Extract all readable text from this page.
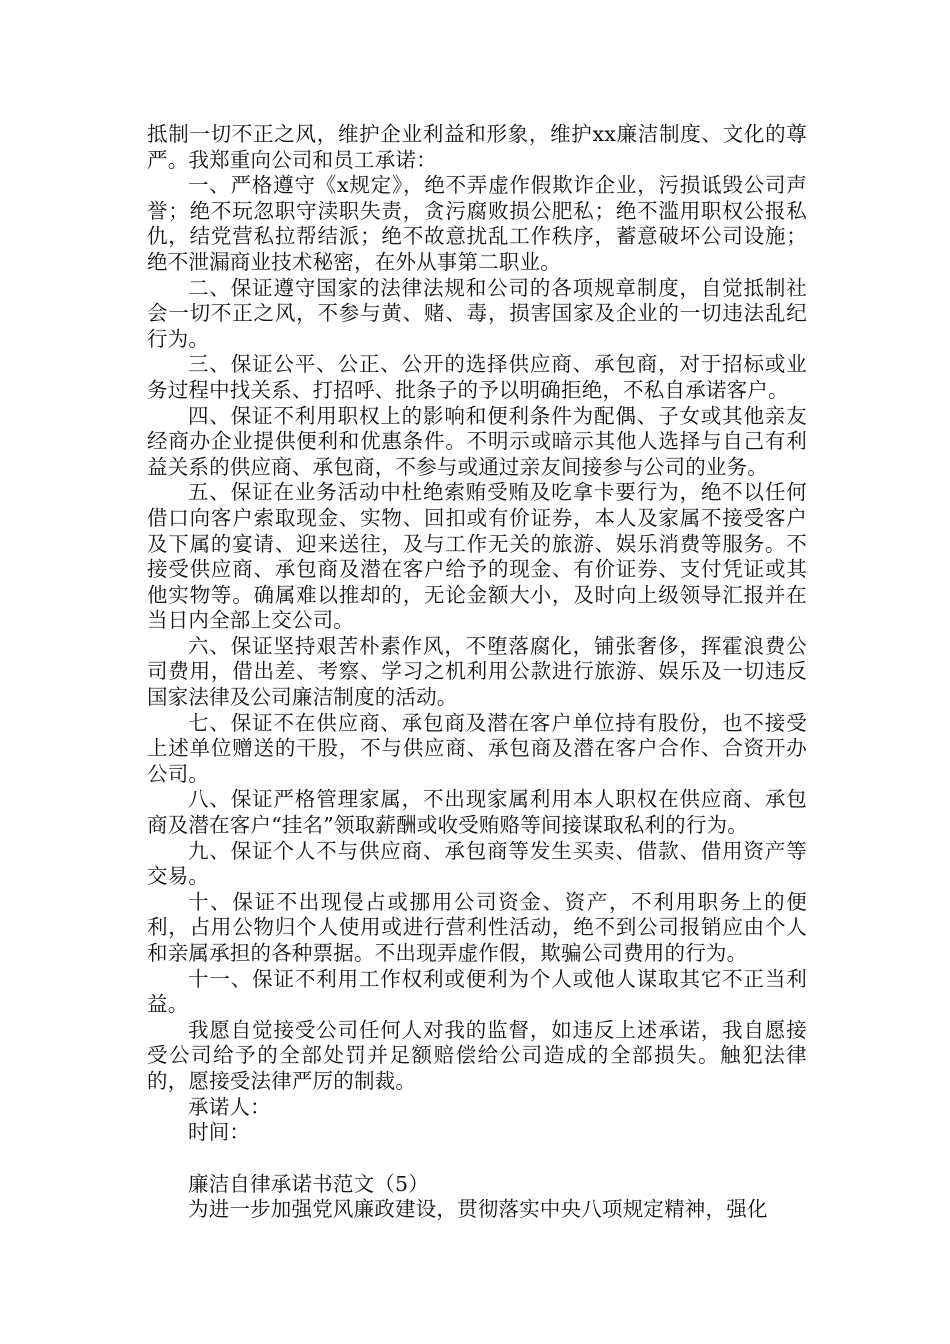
抵制一切不正之风，维护企业利益和形象，维护xx廉洁制度、文化的尊严。我郑重向公司和员工承诺：

一、严格遵守《x规定》，绝不弄虚作假欺诈企业，污损诋毁公司声誉；绝不玩忽职守渎职失责，贪污腐败损公肥私；绝不滥用职权公报私仇，结党营私拉帮结派；绝不故意扰乱工作秩序，蓄意破坏公司设施；绝不泄漏商业技术秘密，在外从事第二职业。

二、保证遵守国家的法律法规和公司的各项规章制度，自觉抵制社会一切不正之风，不参与黄、赌、毒，损害国家及企业的一切违法乱纪行为。

三、保证公平、公正、公开的选择供应商、承包商，对于招标或业务过程中找关系、打招呼、批条子的予以明确拒绝，不私自承诺客户。

四、保证不利用职权上的影响和便利条件为配偶、子女或其他亲友经商办企业提供便利和优惠条件。不明示或暗示其他人选择与自己有利益关系的供应商、承包商，不参与或通过亲友间接参与公司的业务。

五、保证在业务活动中杜绝索贿受贿及吃拿卡要行为，绝不以任何借口向客户索取现金、实物、回扣或有价证券，本人及家属不接受客户及下属的宴请、迎来送往，及与工作无关的旅游、娱乐消费等服务。不接受供应商、承包商及潜在客户给予的现金、有价证券、支付凭证或其他实物等。确属难以推却的，无论金额大小，及时向上级领导汇报并在当日内全部上交公司。

六、保证坚持艰苦朴素作风，不堕落腐化，铺张奢侈，挥霍浪费公司费用，借出差、考察、学习之机利用公款进行旅游、娱乐及一切违反国家法律及公司廉洁制度的活动。

七、保证不在供应商、承包商及潜在客户单位持有股份，也不接受上述单位赠送的干股，不与供应商、承包商及潜在客户合作、合资开办公司。

八、保证严格管理家属，不出现家属利用本人职权在供应商、承包商及潜在客户“挂名”领取薪酬或收受贿赂等间接谋取私利的行为。

九、保证个人不与供应商、承包商等发生买卖、借款、借用资产等交易。

十、保证不出现侵占或挪用公司资金、资产，不利用职务上的便利，占用公物归个人使用或进行营利性活动，绝不到公司报销应由个人和亲属承担的各种票据。不出现弄虚作假，欺骗公司费用的行为。

十一、保证不利用工作权利或便利为个人或他人谋取其它不正当利益。

我愿自觉接受公司任何人对我的监督，如违反上述承诺，我自愿接受公司给予的全部处罚并足额赔偿给公司造成的全部损失。触犯法律的，愿接受法律严厉的制裁。

承诺人：

时间：

廉洁自律承诺书范文（5）

为进一步加强党风廉政建设，贯彻落实中央八项规定精神，强化
